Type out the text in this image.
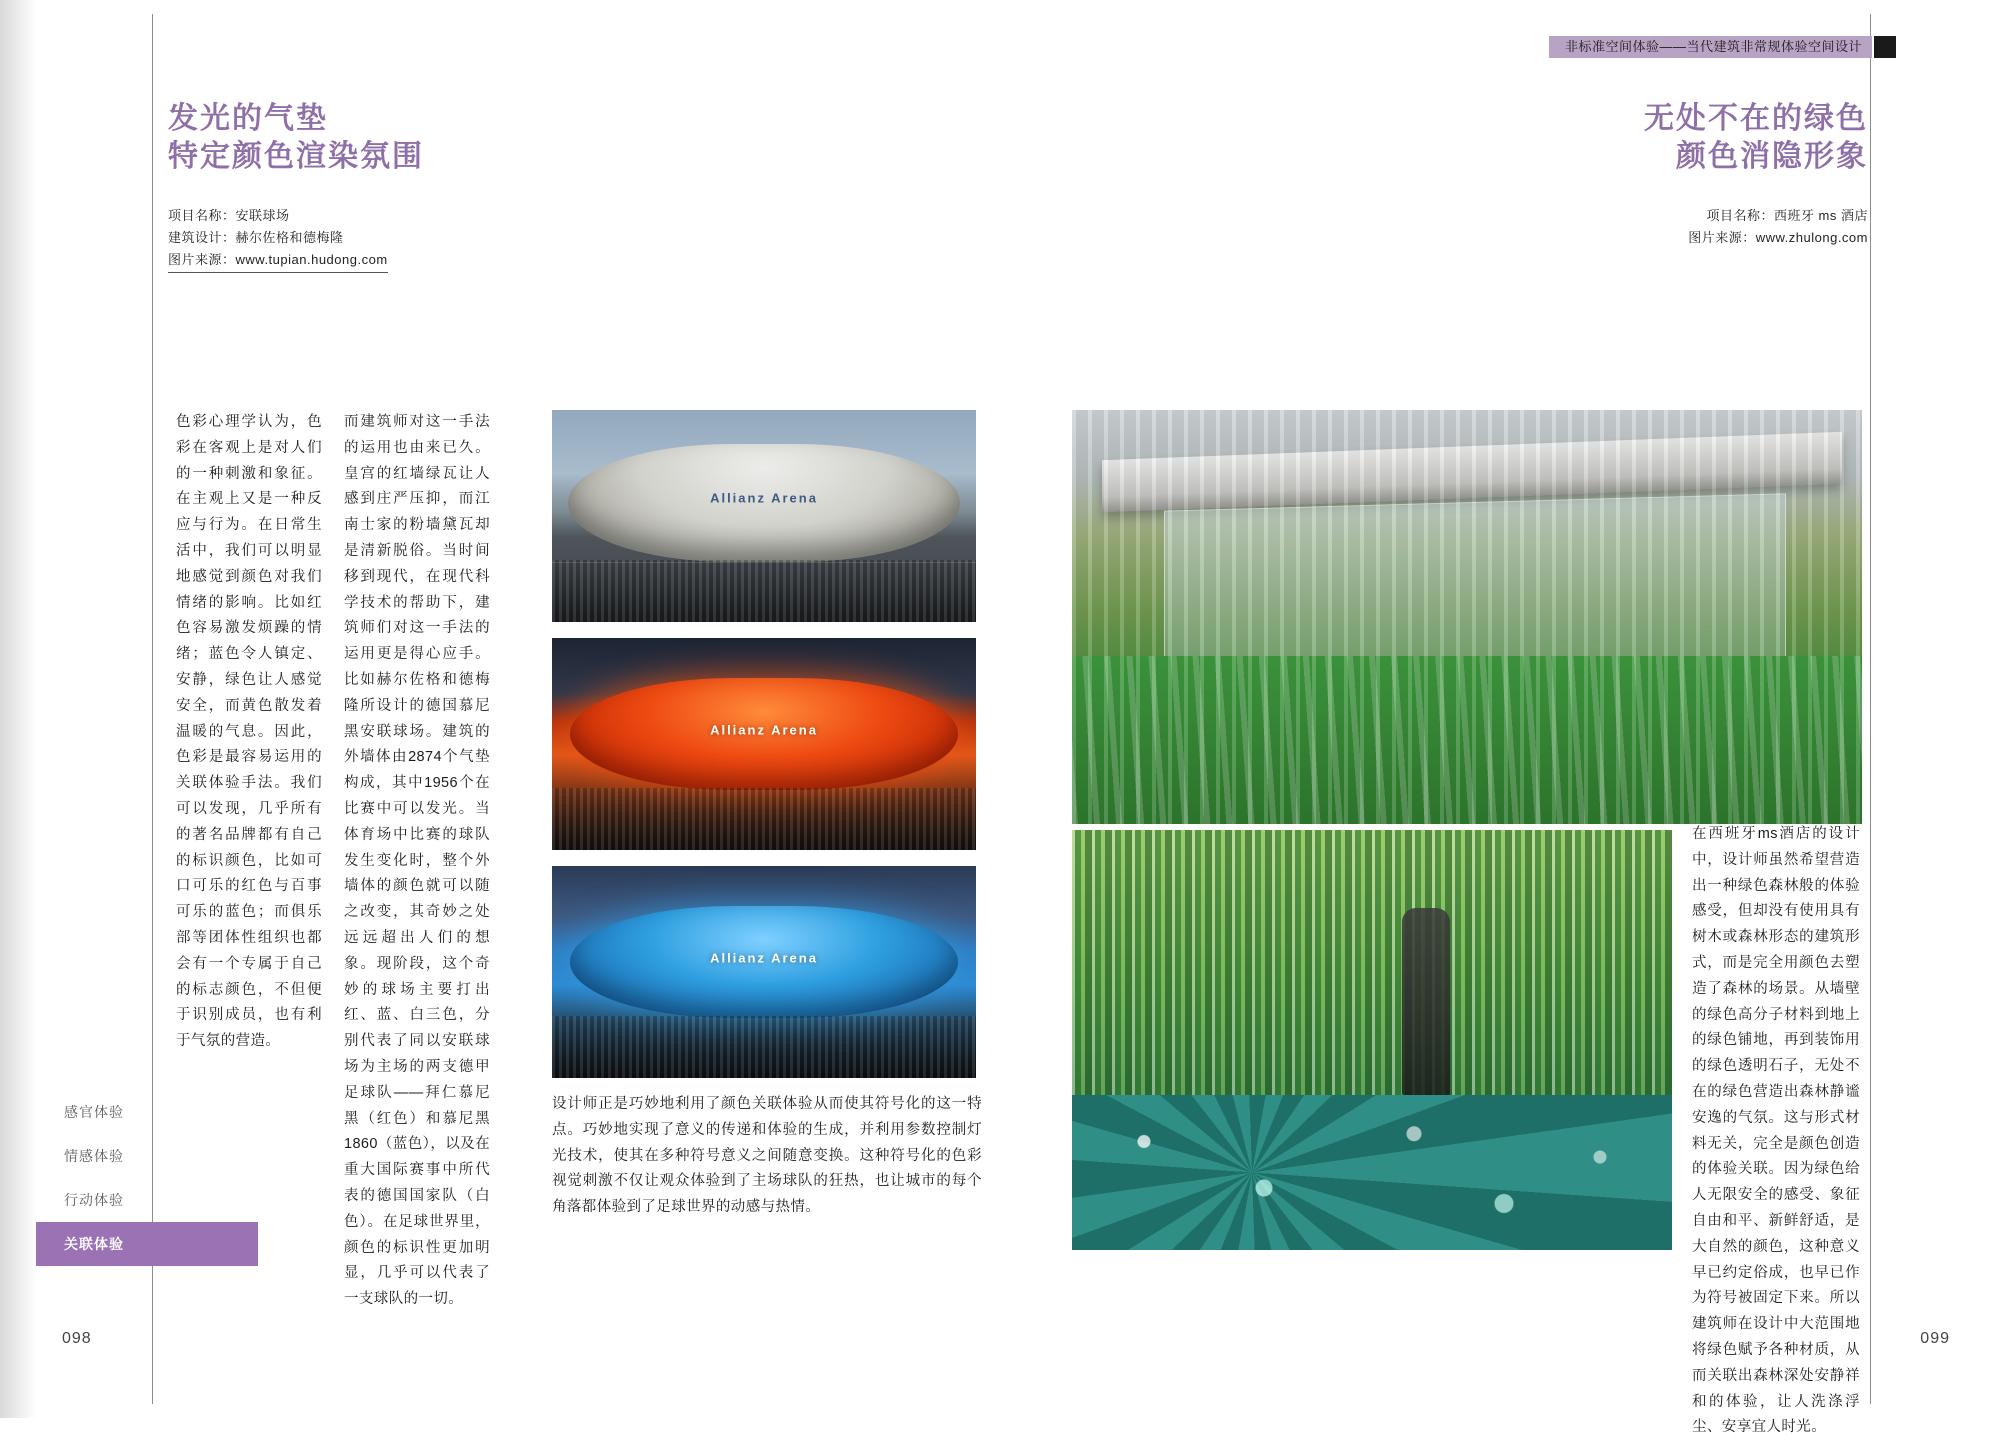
非标准空间体验——当代建筑非常规体验空间设计
发光的气垫
特定颜色渲染氛围
项目名称：安联球场
建筑设计：赫尔佐格和德梅隆
图片来源：www.tupian.hudong.com
色彩心理学认为，色彩在客观上是对人们的一种刺激和象征。在主观上又是一种反应与行为。在日常生活中，我们可以明显地感觉到颜色对我们情绪的影响。比如红色容易激发烦躁的情绪；蓝色令人镇定、安静，绿色让人感觉安全，而黄色散发着温暖的气息。因此，色彩是最容易运用的关联体验手法。我们可以发现，几乎所有的著名品牌都有自己的标识颜色，比如可口可乐的红色与百事可乐的蓝色；而俱乐部等团体性组织也都会有一个专属于自己的标志颜色，不但便于识别成员，也有利于气氛的营造。
而建筑师对这一手法的运用也由来已久。皇宫的红墙绿瓦让人感到庄严压抑，而江南士家的粉墙黛瓦却是清新脱俗。当时间移到现代，在现代科学技术的帮助下，建筑师们对这一手法的运用更是得心应手。 比如赫尔佐格和德梅隆所设计的德国慕尼黑安联球场。建筑的外墙体由2874个气垫构成，其中1956个在比赛中可以发光。当体育场中比赛的球队发生变化时，整个外墙体的颜色就可以随之改变，其奇妙之处远远超出人们的想象。现阶段，这个奇妙的球场主要打出红、蓝、白三色，分别代表了同以安联球场为主场的两支德甲足球队——拜仁慕尼黑（红色）和慕尼黑1860（蓝色），以及在重大国际赛事中所代表的德国国家队（白色）。在足球世界里，颜色的标识性更加明显，几乎可以代表了一支球队的一切。
Allianz Arena
Allianz Arena
Allianz Arena
设计师正是巧妙地利用了颜色关联体验从而使其符号化的这一特点。巧妙地实现了意义的传递和体验的生成，并利用参数控制灯光技术，使其在多种符号意义之间随意变换。这种符号化的色彩视觉刺激不仅让观众体验到了主场球队的狂热，也让城市的每个角落都体验到了足球世界的动感与热情。
无处不在的绿色
颜色消隐形象
项目名称：西班牙 ms 酒店
图片来源：www.zhulong.com
在西班牙ms酒店的设计中，设计师虽然希望营造出一种绿色森林般的体验感受，但却没有使用具有树木或森林形态的建筑形式，而是完全用颜色去塑造了森林的场景。从墙壁的绿色高分子材料到地上的绿色铺地，再到装饰用的绿色透明石子，无处不在的绿色营造出森林静谧安逸的气氛。这与形式材料无关，完全是颜色创造的体验关联。因为绿色给人无限安全的感受、象征自由和平、新鲜舒适，是大自然的颜色，这种意义早已约定俗成，也早已作为符号被固定下来。所以建筑师在设计中大范围地将绿色赋予各种材质，从而关联出森林深处安静祥和的体验，让人洗涤浮尘、安享宜人时光。
感官体验
情感体验
行动体验
关联体验
098	099
